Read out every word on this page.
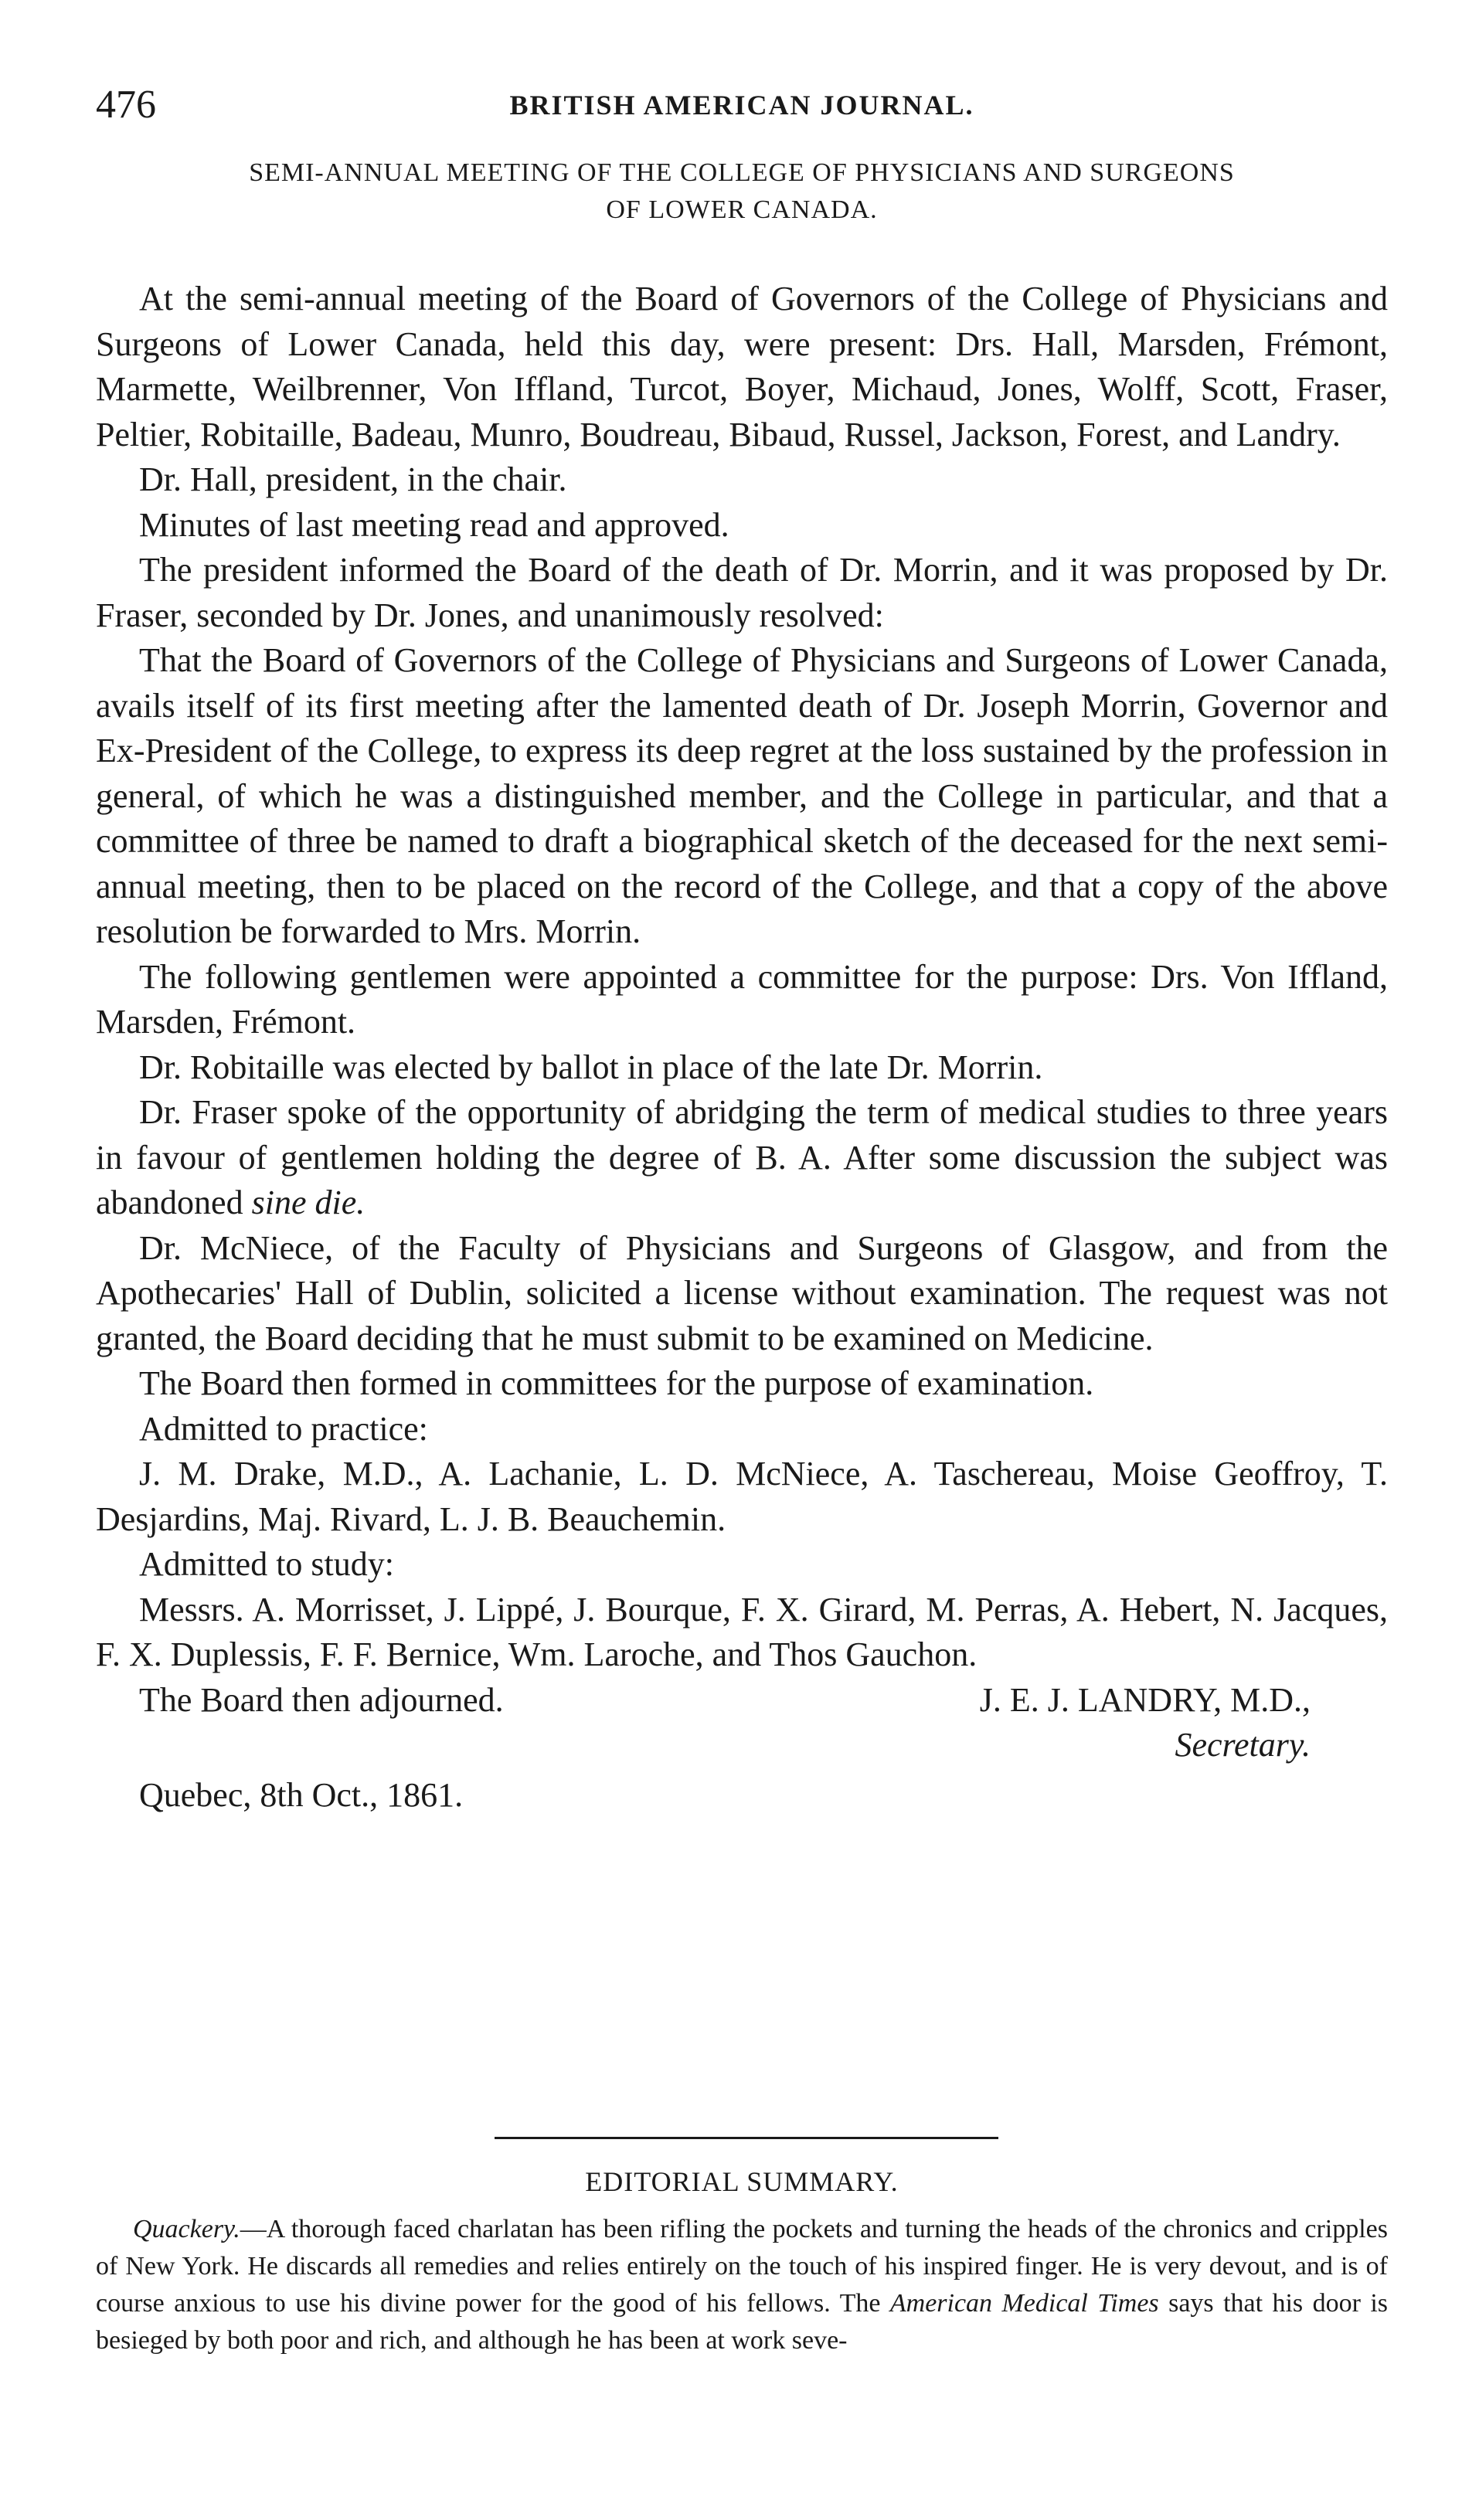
476	BRITISH AMERICAN JOURNAL.
SEMI-ANNUAL MEETING OF THE COLLEGE OF PHYSICIANS AND SURGEONS
OF LOWER CANADA.

At the semi-annual meeting of the Board of Governors of the College of Physicians and Surgeons of Lower Canada, held this day, were present: Drs. Hall, Marsden, Frémont, Marmette, Weilbrenner, Von Iffland, Turcot, Boyer, Michaud, Jones, Wolff, Scott, Fraser, Peltier, Robitaille, Badeau, Munro, Boudreau, Bibaud, Russel, Jackson, Forest, and Landry.

Dr. Hall, president, in the chair.

Minutes of last meeting read and approved.

The president informed the Board of the death of Dr. Morrin, and it was proposed by Dr. Fraser, seconded by Dr. Jones, and unanimously resolved:

That the Board of Governors of the College of Physicians and Surgeons of Lower Canada, avails itself of its first meeting after the lamented death of Dr. Joseph Morrin, Governor and Ex-President of the College, to express its deep regret at the loss sustained by the profession in general, of which he was a distinguished member, and the College in particular, and that a committee of three be named to draft a biographical sketch of the deceased for the next semi-annual meeting, then to be placed on the record of the College, and that a copy of the above resolution be forwarded to Mrs. Morrin.

The following gentlemen were appointed a committee for the purpose: Drs. Von Iffland, Marsden, Frémont.

Dr. Robitaille was elected by ballot in place of the late Dr. Morrin.

Dr. Fraser spoke of the opportunity of abridging the term of medical studies to three years in favour of gentlemen holding the degree of B. A. After some discussion the subject was abandoned sine die.

Dr. McNiece, of the Faculty of Physicians and Surgeons of Glasgow, and from the Apothecaries' Hall of Dublin, solicited a license without examination. The request was not granted, the Board deciding that he must submit to be examined on Medicine.

The Board then formed in committees for the purpose of examination.

Admitted to practice:

J. M. Drake, M.D., A. Lachanie, L. D. McNiece, A. Taschereau, Moise Geoffroy, T. Desjardins, Maj. Rivard, L. J. B. Beauchemin.

Admitted to study:

Messrs. A. Morrisset, J. Lippé, J. Bourque, F. X. Girard, M. Perras, A. Hebert, N. Jacques, F. X. Duplessis, F. F. Bernice, Wm. Laroche, and Thos Gauchon.

The Board then adjourned.	J. E. J. LANDRY, M.D.,
Secretary.
Quebec, 8th Oct., 1861.
EDITORIAL SUMMARY.

Quackery.—A thorough faced charlatan has been rifling the pockets and turning the heads of the chronics and cripples of New York. He discards all remedies and relies entirely on the touch of his inspired finger. He is very devout, and is of course anxious to use his divine power for the good of his fellows. The American Medical Times says that his door is besieged by both poor and rich, and although he has been at work seve-
